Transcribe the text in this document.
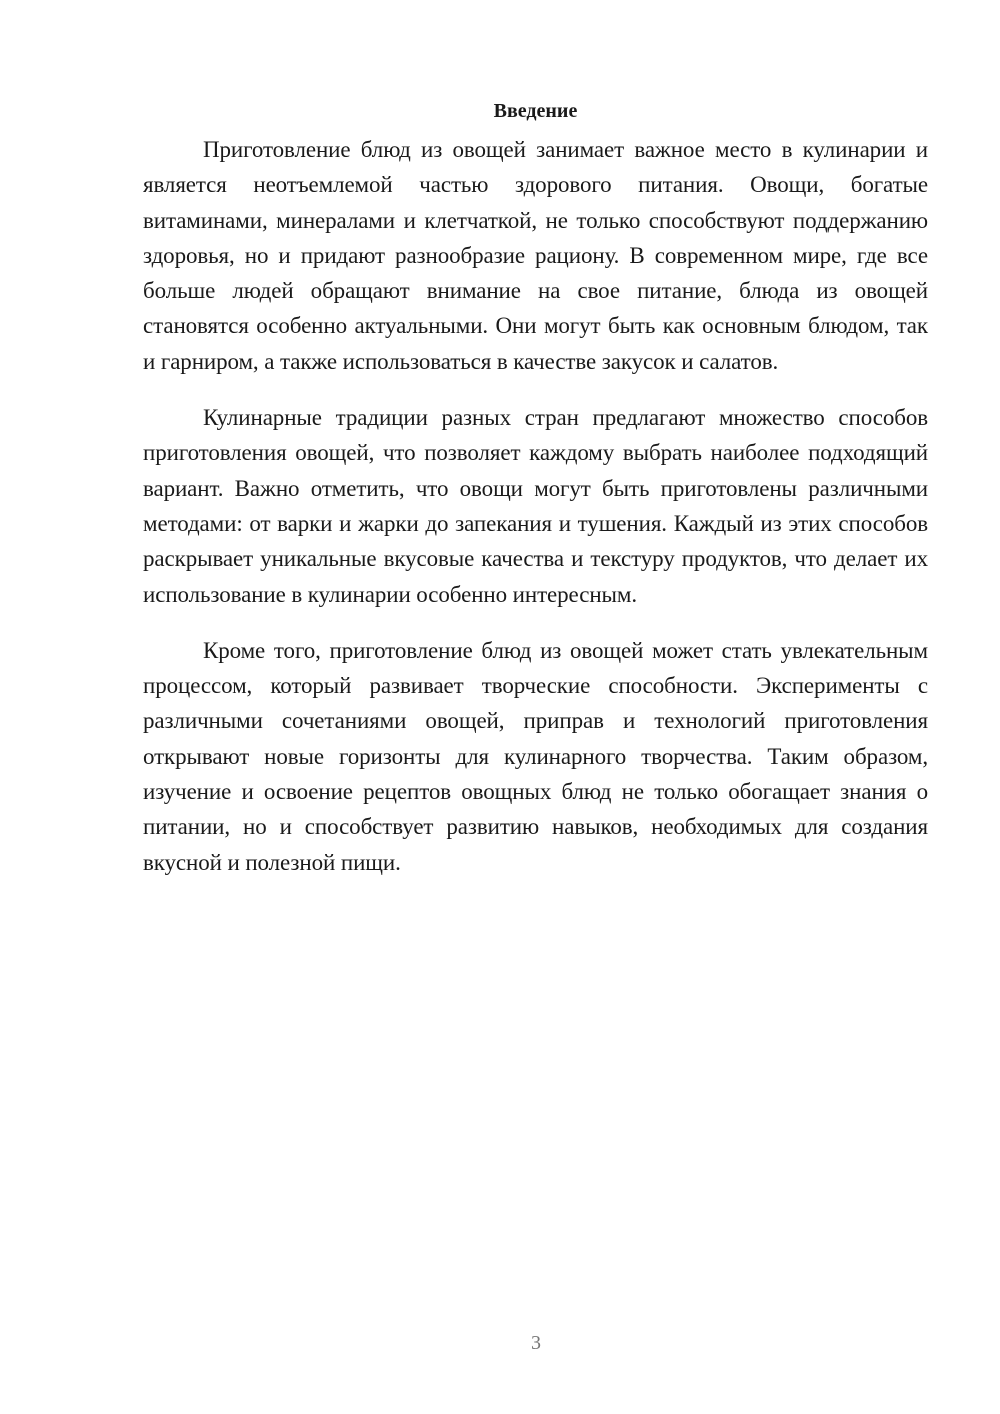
Введение

Приготовление блюд из овощей занимает важное место в кулинарии и является неотъемлемой частью здорового питания. Овощи, богатые витаминами, минералами и клетчаткой, не только способствуют поддержанию здоровья, но и придают разнообразие рациону. В современном мире, где все больше людей обращают внимание на свое питание, блюда из овощей становятся особенно актуальными. Они могут быть как основным блюдом, так и гарниром, а также использоваться в качестве закусок и салатов.

Кулинарные традиции разных стран предлагают множество способов приготовления овощей, что позволяет каждому выбрать наиболее подходящий вариант. Важно отметить, что овощи могут быть приготовлены различными методами: от варки и жарки до запекания и тушения. Каждый из этих способов раскрывает уникальные вкусовые качества и текстуру продуктов, что делает их использование в кулинарии особенно интересным.

Кроме того, приготовление блюд из овощей может стать увлекательным процессом, который развивает творческие способности. Эксперименты с различными сочетаниями овощей, приправ и технологий приготовления открывают новые горизонты для кулинарного творчества. Таким образом, изучение и освоение рецептов овощных блюд не только обогащает знания о питании, но и способствует развитию навыков, необходимых для создания вкусной и полезной пищи.

3
